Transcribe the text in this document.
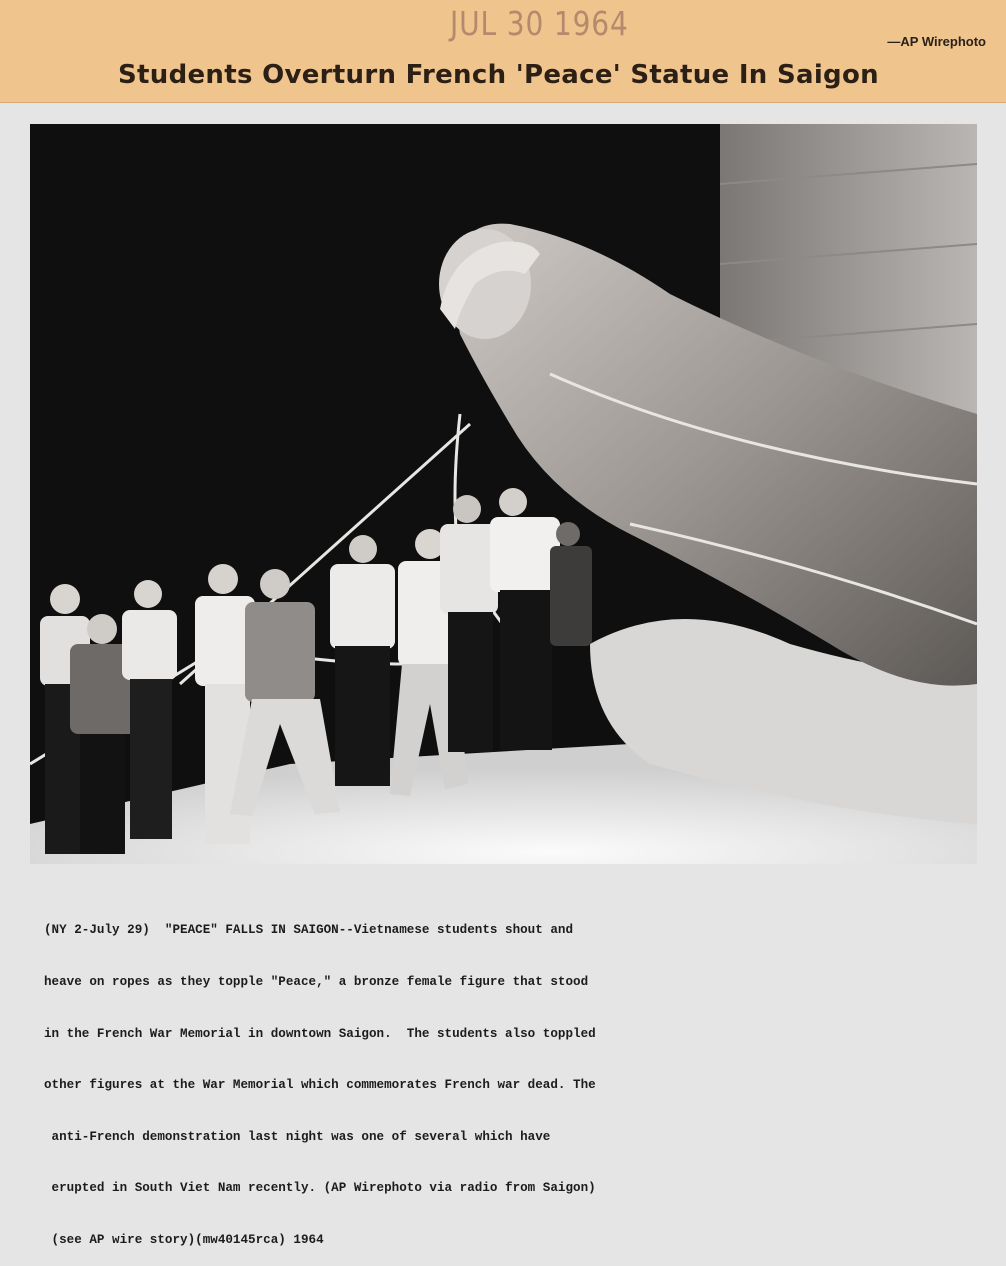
JUL 30 1964	—AP Wirephoto
Students Overturn French 'Peace' Statue In Saigon

(NY 2-July 29)  "PEACE" FALLS IN SAIGON--Vietnamese students shout and

heave on ropes as they topple "Peace," a bronze female figure that stood

in the French War Memorial in downtown Saigon.  The students also toppled

other figures at the War Memorial which commemorates French war dead. The

anti-French demonstration last night was one of several which have

erupted in South Viet Nam recently. (AP Wirephoto via radio from Saigon)

(see AP wire story)(mw40145rca) 1964
